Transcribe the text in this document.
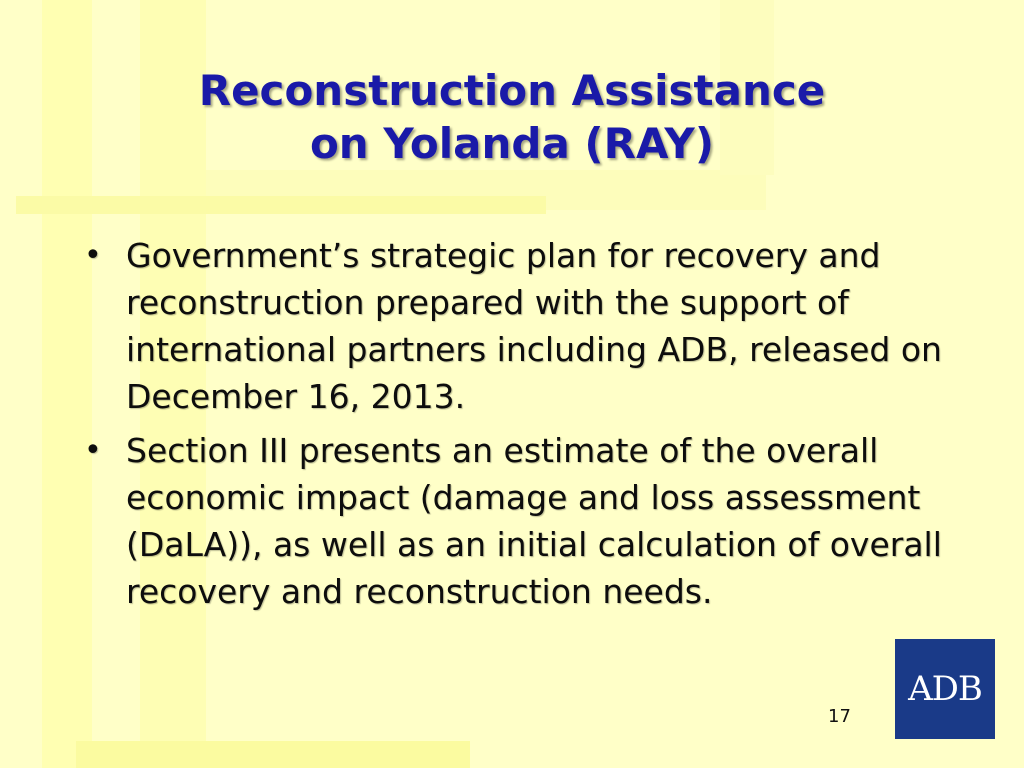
Reconstruction Assistance
on Yolanda (RAY)
• Government’s strategic plan for recovery and reconstruction prepared with the support of international partners including ADB, released on December 16, 2013.
• Section III presents an estimate of the overall economic impact (damage and loss assessment (DaLA)), as well as an initial calculation of overall recovery and reconstruction needs.
17
ADB
